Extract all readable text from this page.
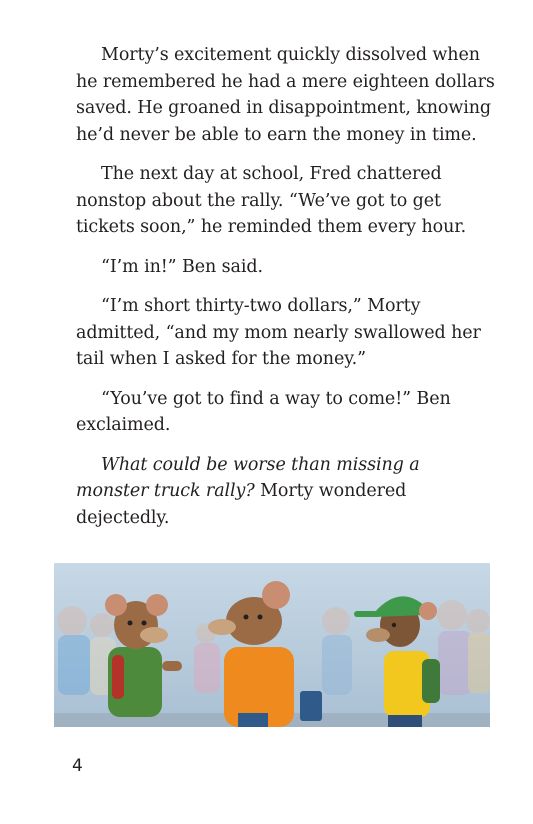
Morty’s excitement quickly dissolved when he remembered he had a mere eighteen dollars saved. He groaned in disappointment, knowing he’d never be able to earn the money in time.

The next day at school, Fred chattered nonstop about the rally. “We’ve got to get tickets soon,” he reminded them every hour.

“I’m in!” Ben said.

“I’m short thirty-two dollars,” Morty admitted, “and my mom nearly swallowed her tail when I asked for the money.”

“You’ve got to find a way to come!” Ben exclaimed.

What could be worse than missing a monster truck rally? Morty wondered dejectedly.

4
